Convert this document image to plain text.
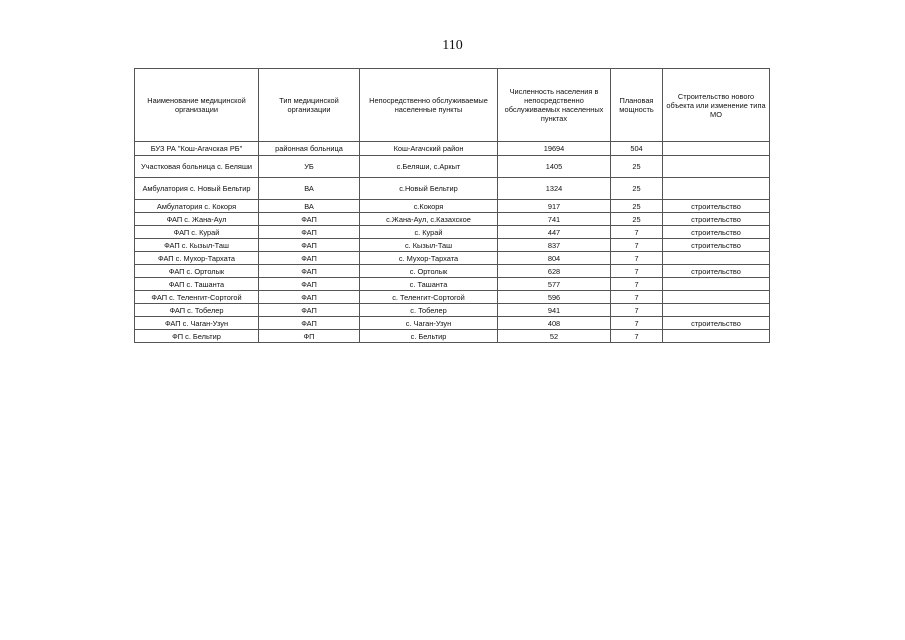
110
Наименование медицинской организации	Тип медицинской организации	Непосредственно обслуживаемые населенные пункты	Численность населения в непосредственно обслуживаемых населенных пунктах	Плановая мощность	Строительство нового объекта или изменение типа МО
БУЗ РА "Кош-Агачская РБ"	районная больница	Кош-Агачский район	19694	504	
Участковая больница с. Беляши	УБ	с.Беляши, с.Аркыт	1405	25	
Амбулатория с. Новый Бельтир	ВА	с.Новый Бельтир	1324	25	
Амбулатория с. Кокоря	ВА	с.Кокоря	917	25	строительство
ФАП с. Жана-Аул	ФАП	с.Жана-Аул, с.Казахское	741	25	строительство
ФАП с. Курай	ФАП	с. Курай	447	7	строительство
ФАП с. Кызыл-Таш	ФАП	с. Кызыл-Таш	837	7	строительство
ФАП с. Мухор-Тархата	ФАП	с. Мухор-Тархата	804	7	
ФАП с. Ортолык	ФАП	с. Ортолык	628	7	строительство
ФАП с. Ташанта	ФАП	с. Ташанта	577	7	
ФАП с. Теленгит-Сортогой	ФАП	с. Теленгит-Сортогой	596	7	
ФАП с. Тобелер	ФАП	с. Тобелер	941	7	
ФАП с. Чаган-Узун	ФАП	с. Чаган-Узун	408	7	строительство
ФП с. Бельтир	ФП	с. Бельтир	52	7	
